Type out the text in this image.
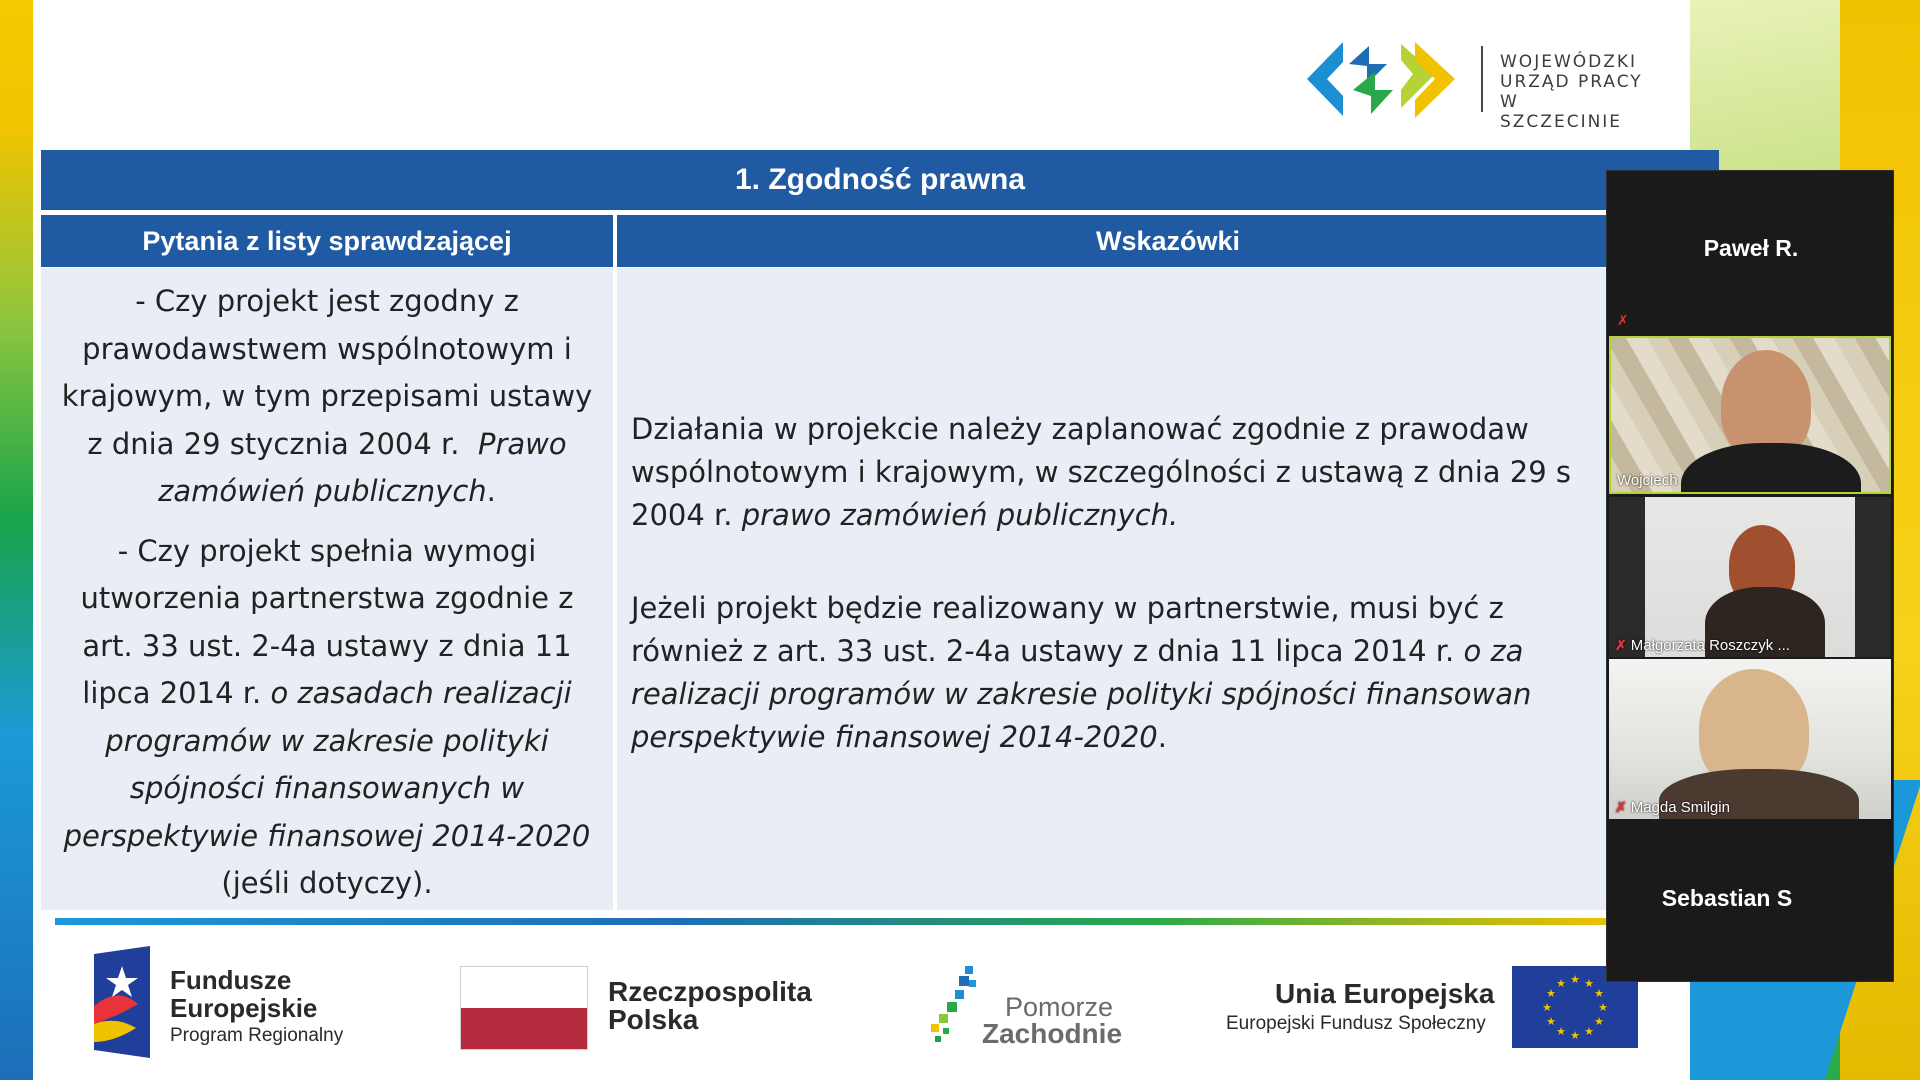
WOJEWÓDZKI
URZĄD PRACY
W SZCZECINIE
1. Zgodność prawna
Pytania z listy sprawdzającej	Wskazówki

- Czy projekt jest zgodny z
prawodawstwem wspólnotowym i
krajowym, w tym przepisami ustawy
z dnia 29 stycznia 2004 r. Prawo
zamówień publicznych.

- Czy projekt spełnia wymogi
utworzenia partnerstwa zgodnie z
art. 33 ust. 2-4a ustawy z dnia 11
lipca 2014 r. o zasadach realizacji
programów w zakresie polityki
spójności finansowanych w
perspektywie finansowej 2014-2020
(jeśli dotyczy).

Działania w projekcie należy zaplanować zgodnie z prawodaw
wspólnotowym i krajowym, w szczególności z ustawą z dnia 29 s
2004 r. prawo zamówień publicznych.

Jeżeli projekt będzie realizowany w partnerstwie, musi być z
również z art. 33 ust. 2-4a ustawy z dnia 11 lipca 2014 r. o za
realizacji programów w zakresie polityki spójności finansowan
perspektywie finansowej 2014-2020.

Fundusze
Europejskie
Program Regionalny
Rzeczpospolita
Polska	Pomorze
Zachodnie
Unia Europejska
Europejski Fundusz Społeczny
★ ★
★
★
★
★
★
★
★
★
★
★
Paweł R.
✗
Wojciech
✗ Małgorzata Roszczyk ...
✗ Magda Smilgin
Sebastian S
